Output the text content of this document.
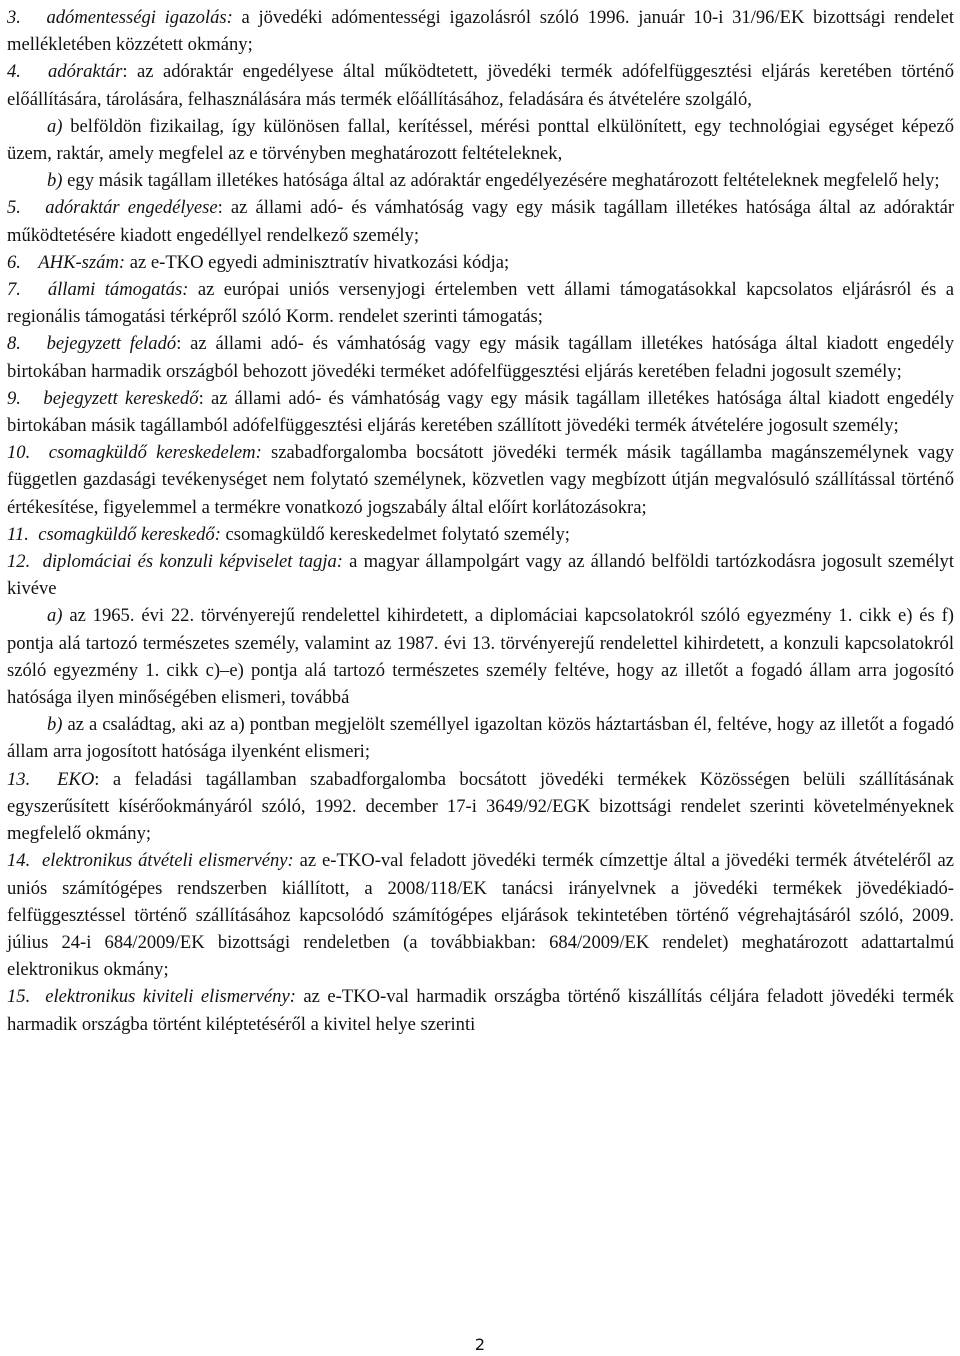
3. adómentességi igazolás: a jövedéki adómentességi igazolásról szóló 1996. január 10-i 31/96/EK bizottsági rendelet mellékletében közzétett okmány;

4. adóraktár: az adóraktár engedélyese által működtetett, jövedéki termék adófelfüggesztési eljárás keretében történő előállítására, tárolására, felhasználására más termék előállításához, feladására és átvételére szolgáló,

a) belföldön fizikailag, így különösen fallal, kerítéssel, mérési ponttal elkülönített, egy technológiai egységet képező üzem, raktár, amely megfelel az e törvényben meghatározott feltételeknek,

b) egy másik tagállam illetékes hatósága által az adóraktár engedélyezésére meghatározott feltételeknek megfelelő hely;

5. adóraktár engedélyese: az állami adó- és vámhatóság vagy egy másik tagállam illetékes hatósága által az adóraktár működtetésére kiadott engedéllyel rendelkező személy;

6. AHK-szám: az e-TKO egyedi adminisztratív hivatkozási kódja;

7. állami támogatás: az európai uniós versenyjogi értelemben vett állami támogatásokkal kapcsolatos eljárásról és a regionális támogatási térképről szóló Korm. rendelet szerinti támogatás;

8. bejegyzett feladó: az állami adó- és vámhatóság vagy egy másik tagállam illetékes hatósága által kiadott engedély birtokában harmadik országból behozott jövedéki terméket adófelfüggesztési eljárás keretében feladni jogosult személy;

9. bejegyzett kereskedő: az állami adó- és vámhatóság vagy egy másik tagállam illetékes hatósága által kiadott engedély birtokában másik tagállamból adófelfüggesztési eljárás keretében szállított jövedéki termék átvételére jogosult személy;

10. csomagküldő kereskedelem: szabadforgalomba bocsátott jövedéki termék másik tagállamba magánszemélynek vagy független gazdasági tevékenységet nem folytató személynek, közvetlen vagy megbízott útján megvalósuló szállítással történő értékesítése, figyelemmel a termékre vonatkozó jogszabály által előírt korlátozásokra;

11. csomagküldő kereskedő: csomagküldő kereskedelmet folytató személy;

12. diplomáciai és konzuli képviselet tagja: a magyar állampolgárt vagy az állandó belföldi tartózkodásra jogosult személyt kivéve

a) az 1965. évi 22. törvényerejű rendelettel kihirdetett, a diplomáciai kapcsolatokról szóló egyezmény 1. cikk e) és f) pontja alá tartozó természetes személy, valamint az 1987. évi 13. törvényerejű rendelettel kihirdetett, a konzuli kapcsolatokról szóló egyezmény 1. cikk c)–e) pontja alá tartozó természetes személy feltéve, hogy az illetőt a fogadó állam arra jogosító hatósága ilyen minőségében elismeri, továbbá

b) az a családtag, aki az a) pontban megjelölt személlyel igazoltan közös háztartásban él, feltéve, hogy az illetőt a fogadó állam arra jogosított hatósága ilyenként elismeri;

13. EKO: a feladási tagállamban szabadforgalomba bocsátott jövedéki termékek Közösségen belüli szállításának egyszerűsített kísérőokmányáról szóló, 1992. december 17-i 3649/92/EGK bizottsági rendelet szerinti követelményeknek megfelelő okmány;

14. elektronikus átvételi elismervény: az e-TKO-val feladott jövedéki termék címzettje által a jövedéki termék átvételéről az uniós számítógépes rendszerben kiállított, a 2008/118/EK tanácsi irányelvnek a jövedéki termékek jövedékiadó-felfüggesztéssel történő szállításához kapcsolódó számítógépes eljárások tekintetében történő végrehajtásáról szóló, 2009. július 24-i 684/2009/EK bizottsági rendeletben (a továbbiakban: 684/2009/EK rendelet) meghatározott adattartalmú elektronikus okmány;

15. elektronikus kiviteli elismervény: az e-TKO-val harmadik országba történő kiszállítás céljára feladott jövedéki termék harmadik országba történt kiléptetéséről a kivitel helye szerinti

2
